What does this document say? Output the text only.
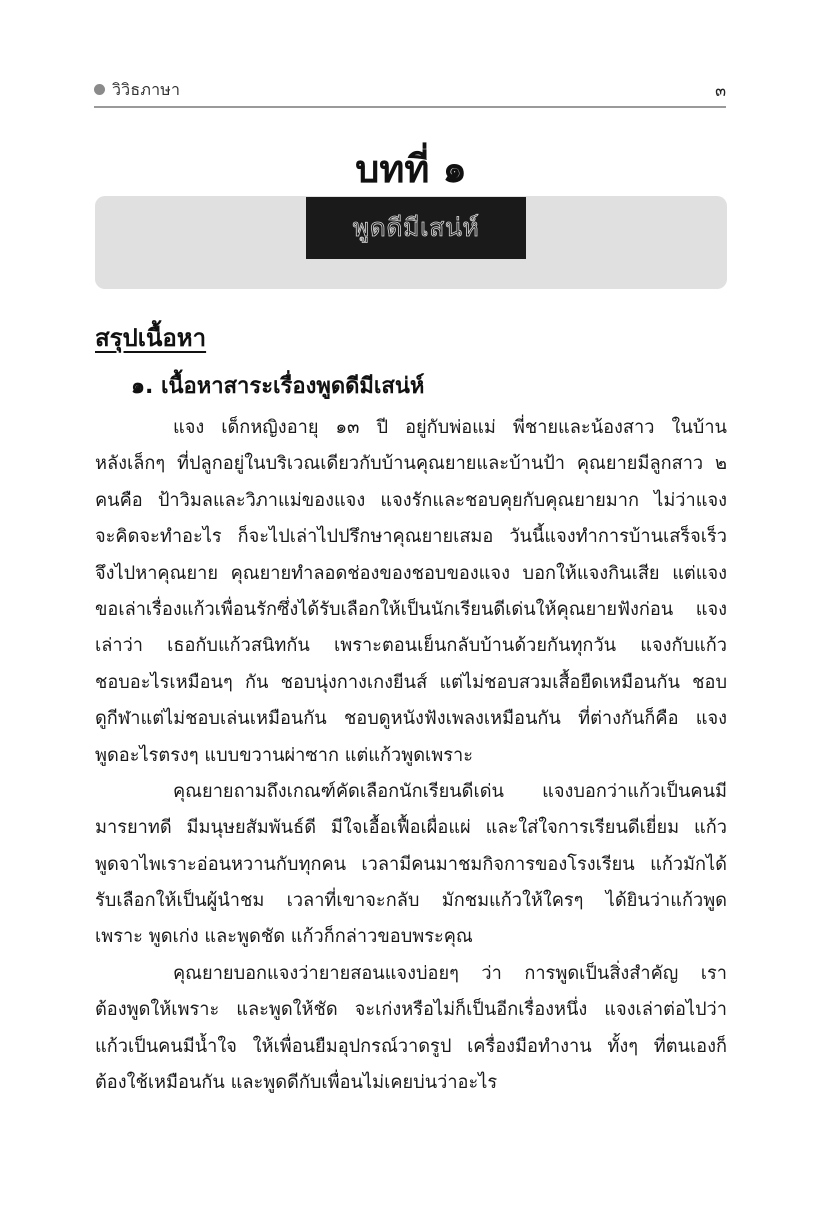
วิวิธภาษา	๓
บทที่ ๑
พูดดีมีเสน่ห์
สรุปเนื้อหา
๑. เนื้อหาสาระเรื่องพูดดีมีเสน่ห์
แจง เด็กหญิงอายุ ๑๓ ปี อยู่กับพ่อแม่ พี่ชายและน้องสาว ในบ้าน
หลังเล็กๆ ที่ปลูกอยู่ในบริเวณเดียวกับบ้านคุณยายและบ้านป้า คุณยายมีลูกสาว ๒
คนคือ ป้าวิมลและวิภาแม่ของแจง แจงรักและชอบคุยกับคุณยายมาก ไม่ว่าแจง
จะคิดจะทำอะไร ก็จะไปเล่าไปปรึกษาคุณยายเสมอ วันนี้แจงทำการบ้านเสร็จเร็ว
จึงไปหาคุณยาย คุณยายทำลอดช่องของชอบของแจง บอกให้แจงกินเสีย แต่แจง
ขอเล่าเรื่องแก้วเพื่อนรักซึ่งได้รับเลือกให้เป็นนักเรียนดีเด่นให้คุณยายฟังก่อน แจง
เล่าว่า เธอกับแก้วสนิทกัน เพราะตอนเย็นกลับบ้านด้วยกันทุกวัน แจงกับแก้ว
ชอบอะไรเหมือนๆ กัน ชอบนุ่งกางเกงยีนส์ แต่ไม่ชอบสวมเสื้อยืดเหมือนกัน ชอบ
ดูกีฬาแต่ไม่ชอบเล่นเหมือนกัน ชอบดูหนังฟังเพลงเหมือนกัน ที่ต่างกันก็คือ แจง
พูดอะไรตรงๆ แบบขวานผ่าซาก แต่แก้วพูดเพราะ
คุณยายถามถึงเกณฑ์คัดเลือกนักเรียนดีเด่น แจงบอกว่าแก้วเป็นคนมี
มารยาทดี มีมนุษยสัมพันธ์ดี มีใจเอื้อเฟื้อเผื่อแผ่ และใส่ใจการเรียนดีเยี่ยม แก้ว
พูดจาไพเราะอ่อนหวานกับทุกคน เวลามีคนมาชมกิจการของโรงเรียน แก้วมักได้
รับเลือกให้เป็นผู้นำชม เวลาที่เขาจะกลับ มักชมแก้วให้ใครๆ ได้ยินว่าแก้วพูด
เพราะ พูดเก่ง และพูดชัด แก้วก็กล่าวขอบพระคุณ
คุณยายบอกแจงว่ายายสอนแจงบ่อยๆ ว่า การพูดเป็นสิ่งสำคัญ เรา
ต้องพูดให้เพราะ และพูดให้ชัด จะเก่งหรือไม่ก็เป็นอีกเรื่องหนึ่ง แจงเล่าต่อไปว่า
แก้วเป็นคนมีน้ำใจ ให้เพื่อนยืมอุปกรณ์วาดรูป เครื่องมือทำงาน ทั้งๆ ที่ตนเองก็
ต้องใช้เหมือนกัน และพูดดีกับเพื่อนไม่เคยบ่นว่าอะไร
